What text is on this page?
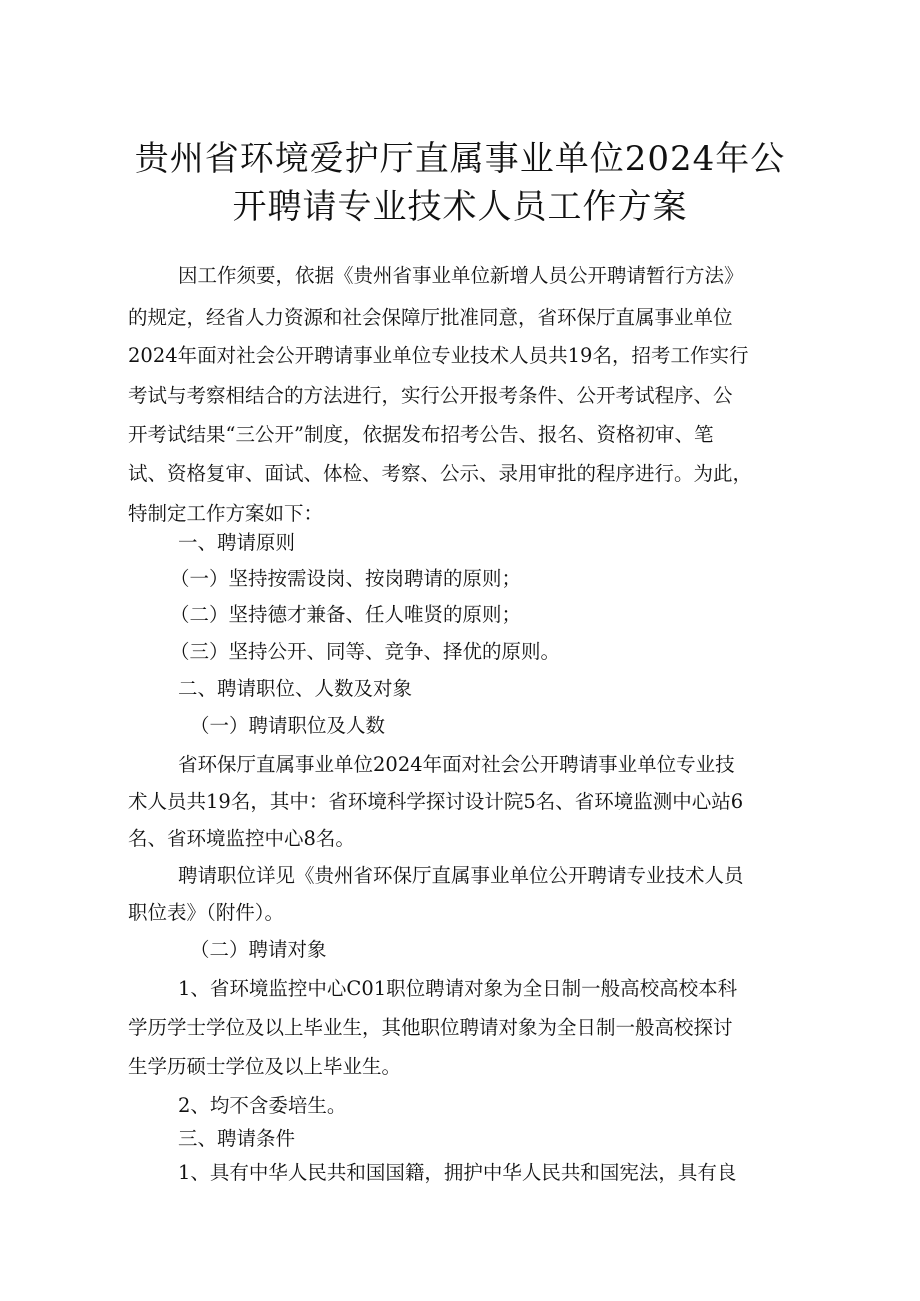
贵州省环境爱护厅直属事业单位2024年公
开聘请专业技术人员工作方案
因工作须要，依据《贵州省事业单位新增人员公开聘请暂行方法》
的规定，经省人力资源和社会保障厅批准同意，省环保厅直属事业单位
2024年面对社会公开聘请事业单位专业技术人员共19名，招考工作实行
考试与考察相结合的方法进行，实行公开报考条件、公开考试程序、公
开考试结果“三公开”制度，依据发布招考公告、报名、资格初审、笔
试、资格复审、面试、体检、考察、公示、录用审批的程序进行。为此，
特制定工作方案如下：
一、聘请原则
（一）坚持按需设岗、按岗聘请的原则；
（二）坚持德才兼备、任人唯贤的原则；
（三）坚持公开、同等、竞争、择优的原则。
二、聘请职位、人数及对象
（一）聘请职位及人数
省环保厅直属事业单位2024年面对社会公开聘请事业单位专业技
术人员共19名，其中：省环境科学探讨设计院5名、省环境监测中心站6
名、省环境监控中心8名。
聘请职位详见《贵州省环保厅直属事业单位公开聘请专业技术人员
职位表》（附件）。
（二）聘请对象
1、省环境监控中心C01职位聘请对象为全日制一般高校高校本科
学历学士学位及以上毕业生，其他职位聘请对象为全日制一般高校探讨
生学历硕士学位及以上毕业生。
2、均不含委培生。
三、聘请条件
1、具有中华人民共和国国籍，拥护中华人民共和国宪法，具有良
